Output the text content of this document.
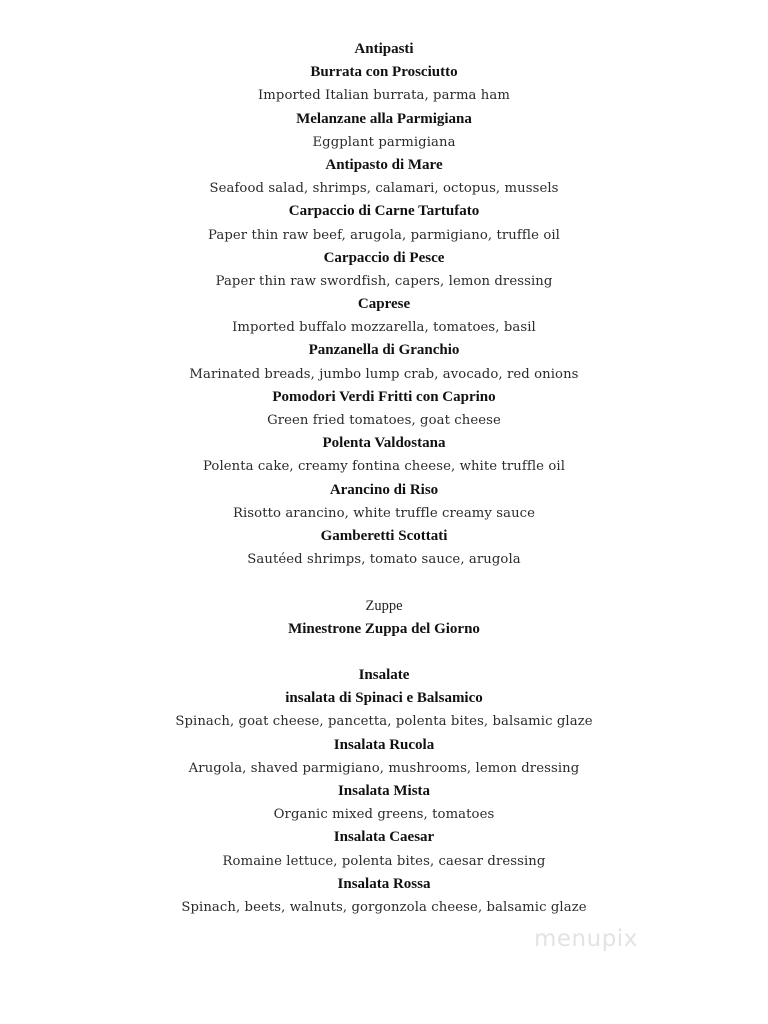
Antipasti
Burrata con Prosciutto
Imported Italian burrata, parma ham
Melanzane alla Parmigiana
Eggplant parmigiana
Antipasto di Mare
Seafood salad, shrimps, calamari, octopus, mussels
Carpaccio di Carne Tartufato
Paper thin raw beef, arugola, parmigiano, truffle oil
Carpaccio di Pesce
Paper thin raw swordfish, capers, lemon dressing
Caprese
Imported buffalo mozzarella, tomatoes, basil
Panzanella di Granchio
Marinated breads, jumbo lump crab, avocado, red onions
Pomodori Verdi Fritti con Caprino
Green fried tomatoes, goat cheese
Polenta Valdostana
Polenta cake, creamy fontina cheese, white truffle oil
Arancino di Riso
Risotto arancino, white truffle creamy sauce
Gamberetti Scottati
Sautéed shrimps, tomato sauce, arugola
Zuppe
Minestrone Zuppa del Giorno
Insalate
insalata di Spinaci e Balsamico
Spinach, goat cheese, pancetta, polenta bites, balsamic glaze
Insalata Rucola
Arugola, shaved parmigiano, mushrooms, lemon dressing
Insalata Mista
Organic mixed greens, tomatoes
Insalata Caesar
Romaine lettuce, polenta bites, caesar dressing
Insalata Rossa
Spinach, beets, walnuts, gorgonzola cheese, balsamic glaze
menupix
